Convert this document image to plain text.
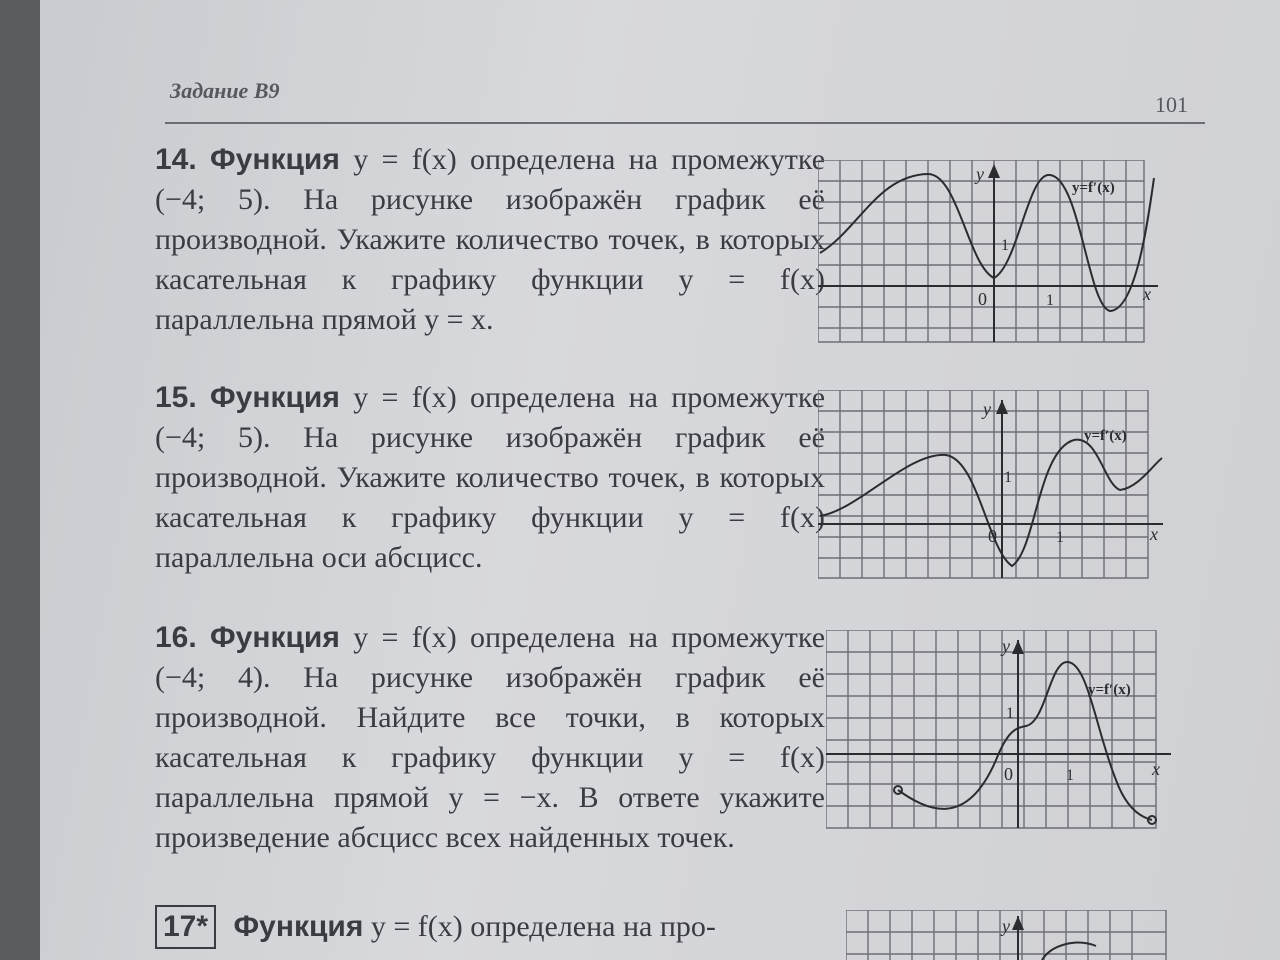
Задание В9
101
14. Функция y = f(x) определена на промежутке (−4; 5). На рисунке изображён график её производной. Укажите количество точек, в которых касательная к графику функции y = f(x) параллельна прямой y = x.
y
x
0
1
1
y=f′(x)
15. Функция y = f(x) определена на промежутке (−4; 5). На рисунке изображён график её производной. Укажите количество точек, в которых касательная к графику функции y = f(x) параллельна оси абсцисс.
y
x
0
1
1
y=f′(x)
16. Функция y = f(x) определена на промежутке (−4; 4). На рисунке изображён график её производной. Найдите все точки, в которых касательная к графику функции y = f(x) параллельна прямой y = −x. В ответе укажите произведение абсцисс всех найденных точек.
y
x
0
1
1
y=f′(x)
17* Функция y = f(x) определена на про-	y
